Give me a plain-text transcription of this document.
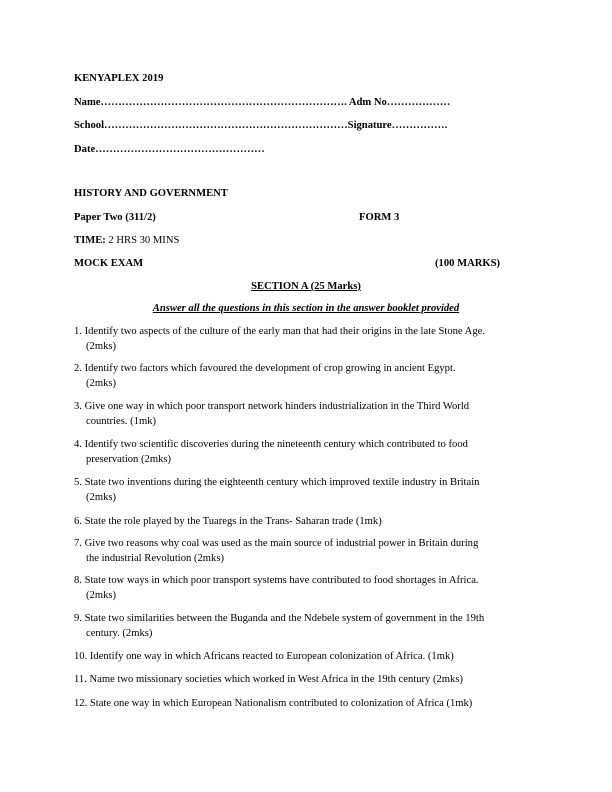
KENYAPLEX 2019
Name……………………………………………………………. Adm No………………
School……………………………………………………………Signature…………….
Date…………………………………………
HISTORY AND GOVERNMENT
Paper Two (311/2)	FORM 3
TIME: 2 HRS 30 MINS
MOCK EXAM	(100 MARKS)
SECTION A (25 Marks)
Answer all the questions in this section in the answer booklet provided
1. Identify two aspects of the culture of the early man that had their origins in the late Stone Age.
(2mks)
2. Identify two factors which favoured the development of crop growing in ancient Egypt.
(2mks)
3. Give one way in which poor transport network hinders industrialization in the Third World
countries. (1mk)
4. Identify two scientific discoveries during the nineteenth century which contributed to food
preservation (2mks)
5. State two inventions during the eighteenth century which improved textile industry in Britain
(2mks)
6. State the role played by the Tuaregs in the Trans- Saharan trade (1mk)
7. Give two reasons why coal was used as the main source of industrial power in Britain during
the industrial Revolution (2mks)
8. State tow ways in which poor transport systems have contributed to food shortages in Africa.
(2mks)
9. State two similarities between the Buganda and the Ndebele system of government in the 19th
century. (2mks)
10. Identify one way in which Africans reacted to European colonization of Africa. (1mk)
11. Name two missionary societies which worked in West Africa in the 19th century (2mks)
12. State one way in which European Nationalism contributed to colonization of Africa (1mk)
